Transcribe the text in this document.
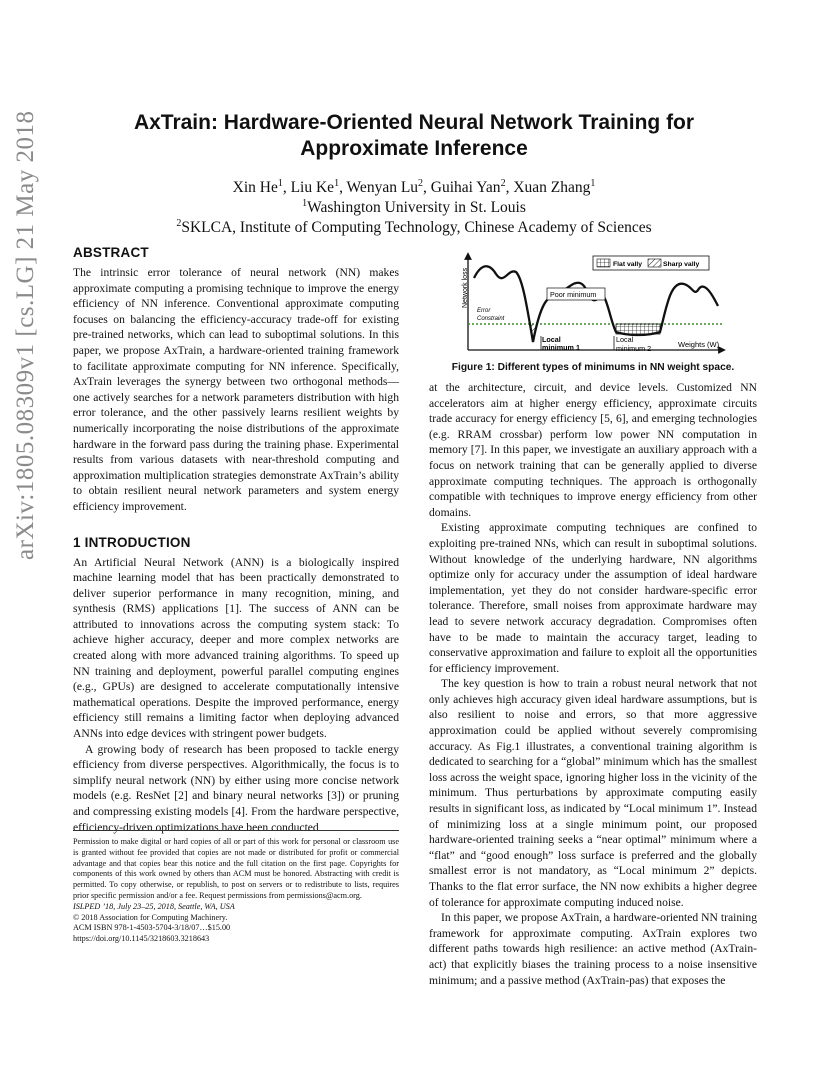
arXiv:1805.08309v1 [cs.LG] 21 May 2018	AxTrain: Hardware-Oriented Neural Network Training for
Approximate Inference
Xin He$^1$, Liu Ke$^1$, Wenyan Lu$^2$, Guihai Yan$^2$, Xuan Zhang$^1$
$^1$Washington University in St. Louis
$^2$SKLCA, Institute of Computing Technology, Chinese Academy of Sciences
ABSTRACT

The intrinsic error tolerance of neural network (NN) makes approximate computing a promising technique to improve the energy efficiency of NN inference. Conventional approximate computing focuses on balancing the efficiency-accuracy trade-off for existing pre-trained networks, which can lead to suboptimal solutions. In this paper, we propose AxTrain, a hardware-oriented training framework to facilitate approximate computing for NN inference. Specifically, AxTrain leverages the synergy between two orthogonal methods—one actively searches for a network parameters distribution with high error tolerance, and the other passively learns resilient weights by numerically incorporating the noise distributions of the approximate hardware in the forward pass during the training phase. Experimental results from various datasets with near-threshold computing and approximation multiplication strategies demonstrate AxTrain’s ability to obtain resilient neural network parameters and system energy efficiency improvement.

1 INTRODUCTION

An Artificial Neural Network (ANN) is a biologically inspired machine learning model that has been practically demonstrated to deliver superior performance in many recognition, mining, and synthesis (RMS) applications [1]. The success of ANN can be attributed to innovations across the computing system stack: To achieve higher accuracy, deeper and more complex networks are created along with more advanced training algorithms. To speed up NN training and deployment, powerful parallel computing engines (e.g., GPUs) are designed to accelerate computationally intensive mathematical operations. Despite the improved performance, energy efficiency still remains a limiting factor when deploying advanced ANNs into edge devices with stringent power budgets.

A growing body of research has been proposed to tackle energy efficiency from diverse perspectives. Algorithmically, the focus is to simplify neural network (NN) by either using more concise network models (e.g. ResNet [2] and binary neural networks [3]) or pruning and compressing existing models [4]. From the hardware perspective, efficiency-driven optimizations have been conducted

Permission to make digital or hard copies of all or part of this work for personal or classroom use is granted without fee provided that copies are not made or distributed for profit or commercial advantage and that copies bear this notice and the full citation on the first page. Copyrights for components of this work owned by others than ACM must be honored. Abstracting with credit is permitted. To copy otherwise, or republish, to post on servers or to redistribute to lists, requires prior specific permission and/or a fee. Request permissions from permissions@acm.org.
ISLPED ’18, July 23–25, 2018, Seattle, WA, USA
© 2018 Association for Computing Machinery.
ACM ISBN 978-1-4503-5704-3/18/07…$15.00
https://doi.org/10.1145/3218603.3218643
Network loss
Weights (W)
Error
Constraint
Flat vally	Sharp vally
Poor minimum
Local
minimum 1
Local
minimum 2
Figure 1: Different types of minimums in NN weight space.

at the architecture, circuit, and device levels. Customized NN accelerators aim at higher energy efficiency, approximate circuits trade accuracy for energy efficiency [5, 6], and emerging technologies (e.g. RRAM crossbar) perform low power NN computation in memory [7]. In this paper, we investigate an auxiliary approach with a focus on network training that can be generally applied to diverse approximate computing techniques. The approach is orthogonally compatible with techniques to improve energy efficiency from other domains.

Existing approximate computing techniques are confined to exploiting pre-trained NNs, which can result in suboptimal solutions. Without knowledge of the underlying hardware, NN algorithms optimize only for accuracy under the assumption of ideal hardware implementation, yet they do not consider hardware-specific error tolerance. Therefore, small noises from approximate hardware may lead to severe network accuracy degradation. Compromises often have to be made to maintain the accuracy target, leading to conservative approximation and failure to exploit all the opportunities for efficiency improvement.

The key question is how to train a robust neural network that not only achieves high accuracy given ideal hardware assumptions, but is also resilient to noise and errors, so that more aggressive approximation could be applied without severely compromising accuracy. As Fig.1 illustrates, a conventional training algorithm is dedicated to searching for a “global” minimum which has the smallest loss across the weight space, ignoring higher loss in the vicinity of the minimum. Thus perturbations by approximate computing easily results in significant loss, as indicated by “Local minimum 1”. Instead of minimizing loss at a single minimum point, our proposed hardware-oriented training seeks a “near optimal” minimum where a “flat” and “good enough” loss surface is preferred and the globally smallest error is not mandatory, as “Local minimum 2” depicts. Thanks to the flat error surface, the NN now exhibits a higher degree of tolerance for approximate computing induced noise.

In this paper, we propose AxTrain, a hardware-oriented NN training framework for approximate computing. AxTrain explores two different paths towards high resilience: an active method (AxTrain-act) that explicitly biases the training process to a noise insensitive minimum; and a passive method (AxTrain-pas) that exposes the
